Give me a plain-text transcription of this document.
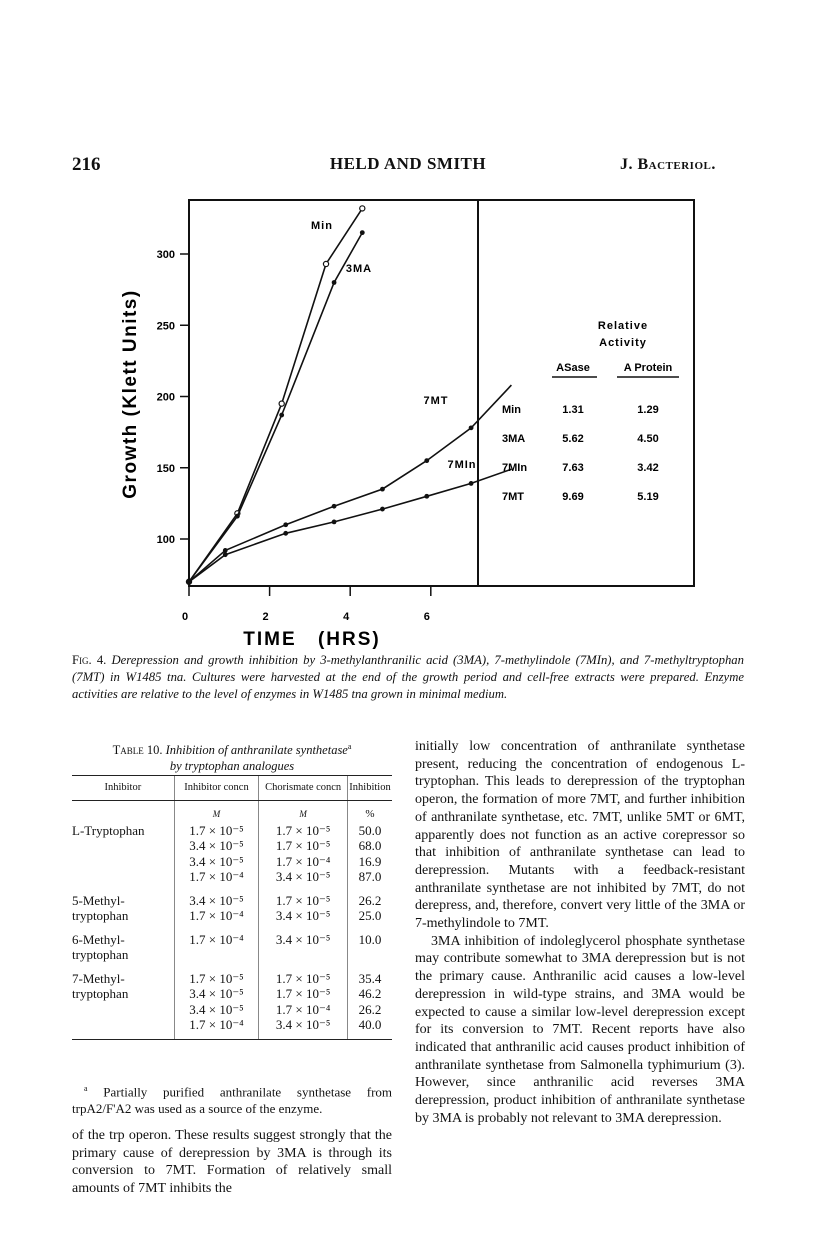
216	HELD AND SMITH	J. Bacteriol.
100
150
200
250
300
0	2	4	6
Min
3MA
7MT
7MIn
Growth (Klett Units)
TIME (HRS)
Relative
Activity
ASase	A Protein
Min	1.31	1.29
3MA	5.62	4.50
7MIn	7.63	3.42
7MT	9.69	5.19
Fig. 4. Derepression and growth inhibition by 3-methylanthranilic acid (3MA), 7-methylindole (7MIn), and 7-methyltryptophan (7MT) in W1485 tna. Cultures were harvested at the end of the growth period and cell-free extracts were prepared. Enzyme activities are relative to the level of enzymes in W1485 tna grown in minimal medium.
Table 10. Inhibition of anthranilate synthetase$^a$
by tryptophan analogues
Inhibitor	Inhibitor concn	Chorismate concn	Inhibition
	M	M	%
L-Tryptophan	1.7 × 10⁻⁵	1.7 × 10⁻⁵	50.0
	3.4 × 10⁻⁵	1.7 × 10⁻⁵	68.0
	3.4 × 10⁻⁵	1.7 × 10⁻⁴	16.9
	1.7 × 10⁻⁴	3.4 × 10⁻⁵	87.0

5-Methyl-
tryptophan	3.4 × 10⁻⁵	1.7 × 10⁻⁵	26.2
	1.7 × 10⁻⁴	3.4 × 10⁻⁵	25.0

6-Methyl-
tryptophan	1.7 × 10⁻⁴	3.4 × 10⁻⁵	10.0

7-Methyl-
tryptophan	1.7 × 10⁻⁵	1.7 × 10⁻⁵	35.4
	3.4 × 10⁻⁵	1.7 × 10⁻⁵	46.2
	3.4 × 10⁻⁵	1.7 × 10⁻⁴	26.2
	1.7 × 10⁻⁴	3.4 × 10⁻⁵	40.0
$^a$ Partially purified anthranilate synthetase from trpA2/F'A2 was used as a source of the enzyme.
of the trp operon. These results suggest strongly that the primary cause of derepression by 3MA is through its conversion to 7MT. Formation of relatively small amounts of 7MT inhibits the

initially low concentration of anthranilate synthetase present, reducing the concentration of endogenous L-tryptophan. This leads to derepression of the tryptophan operon, the formation of more 7MT, and further inhibition of anthranilate synthetase, etc. 7MT, unlike 5MT or 6MT, apparently does not function as an active corepressor so that inhibition of anthranilate synthetase can lead to derepression. Mutants with a feedback-resistant anthranilate synthetase are not inhibited by 7MT, do not derepress, and, therefore, convert very little of the 3MA or 7-methylindole to 7MT.

3MA inhibition of indoleglycerol phosphate synthetase may contribute somewhat to 3MA derepression but is not the primary cause. Anthranilic acid causes a low-level derepression in wild-type strains, and 3MA would be expected to cause a similar low-level derepression except for its conversion to 7MT. Recent reports have also indicated that anthranilic acid causes product inhibition of anthranilate synthetase from Salmonella typhimurium (3). However, since anthranilic acid reverses 3MA derepression, product inhibition of anthranilate synthetase by 3MA is probably not relevant to 3MA derepression.
